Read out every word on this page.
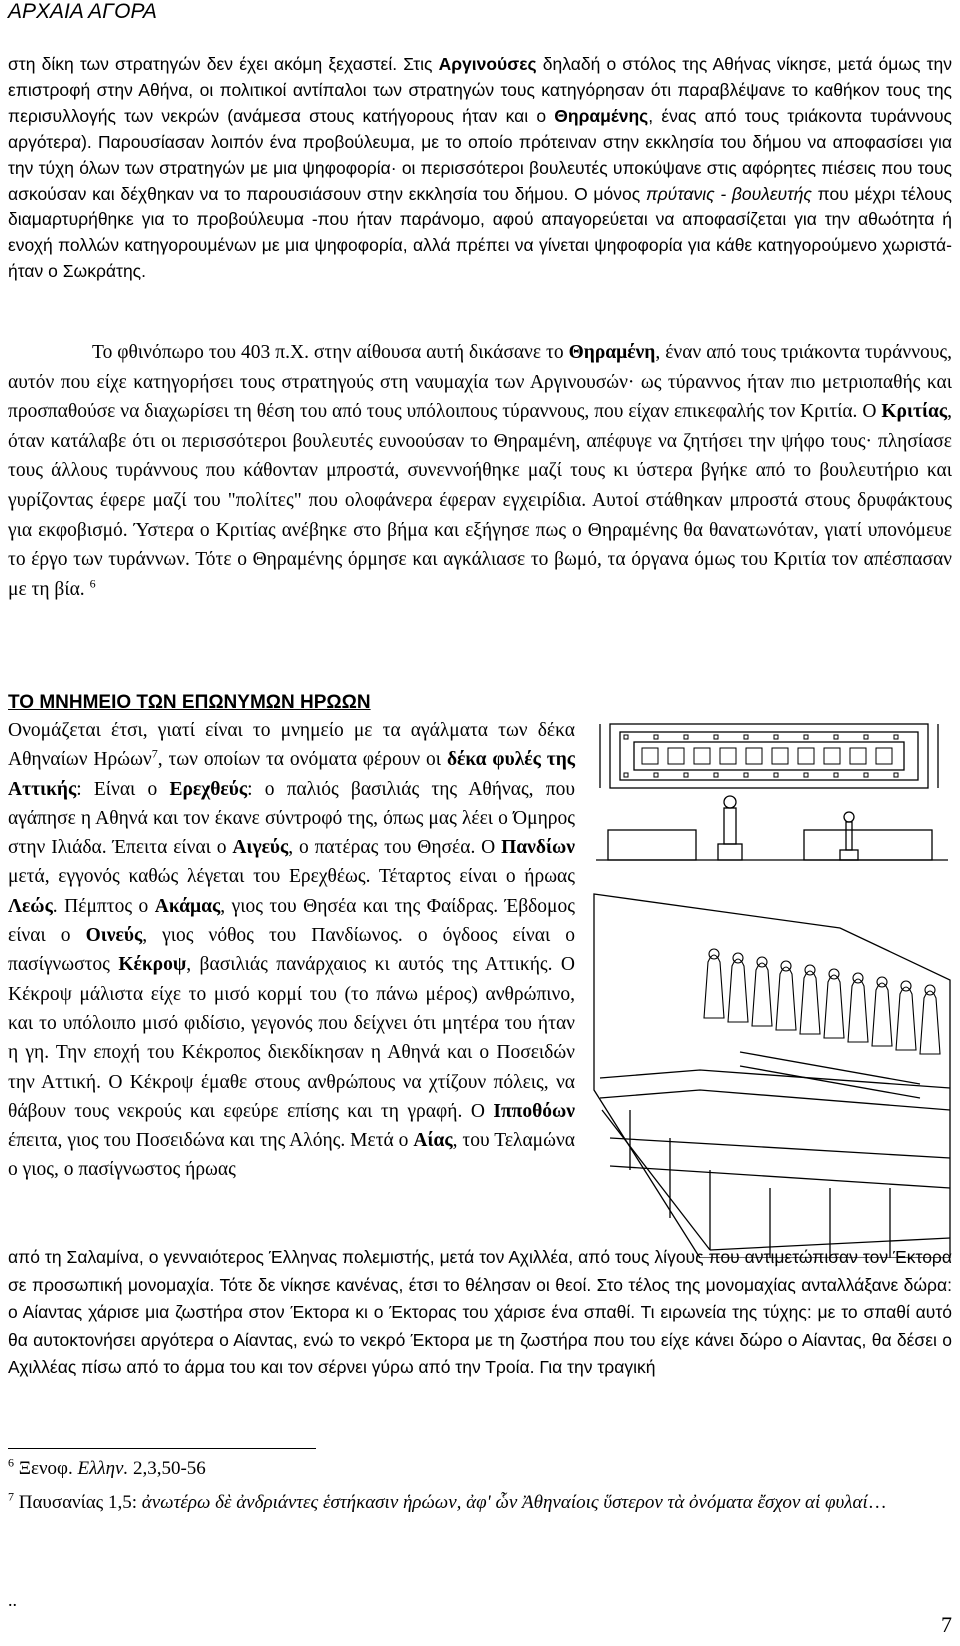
ΑΡΧΑΙΑ ΑΓΟΡΑ

στη δίκη των στρατηγών δεν έχει ακόμη ξεχαστεί. Στις Αργινούσες δηλαδή ο στόλος της Αθήνας νίκησε, μετά όμως την επιστροφή στην Αθήνα, οι πολιτικοί αντίπαλοι των στρατηγών τους κατηγόρησαν ότι παραβλέψανε το καθήκον τους της περισυλλογής των νεκρών (ανάμεσα στους κατήγορους ήταν και ο Θηραμένης, ένας από τους τριάκοντα τυράννους αργότερα). Παρουσίασαν λοιπόν ένα προβούλευμα, με το οποίο πρότειναν στην εκκλησία του δήμου να αποφασίσει για την τύχη όλων των στρατηγών με μια ψηφοφορία· οι περισσότεροι βουλευτές υποκύψανε στις αφόρητες πιέσεις που τους ασκούσαν και δέχθηκαν να το παρουσιάσουν στην εκκλησία του δήμου. Ο μόνος πρύτανις - βουλευτής που μέχρι τέλους διαμαρτυρήθηκε για το προβούλευμα -που ήταν παράνομο, αφού απαγορεύεται να αποφασίζεται για την αθωότητα ή ενοχή πολλών κατηγορουμένων με μια ψηφοφορία, αλλά πρέπει να γίνεται ψηφοφορία για κάθε κατηγορούμενο χωριστά- ήταν ο Σωκράτης.

Το φθινόπωρο του 403 π.Χ. στην αίθουσα αυτή δικάσανε το Θηραμένη, έναν από τους τριάκοντα τυράννους, αυτόν που είχε κατηγορήσει τους στρατηγούς στη ναυμαχία των Αργινουσών· ως τύραννος ήταν πιο μετριοπαθής και προσπαθούσε να διαχωρίσει τη θέση του από τους υπόλοιπους τύραννους, που είχαν επικεφαλής τον Κριτία. Ο Κριτίας, όταν κατάλαβε ότι οι περισσότεροι βουλευτές ευνοούσαν το Θηραμένη, απέφυγε να ζητήσει την ψήφο τους· πλησίασε τους άλλους τυράννους που κάθονταν μπροστά, συνεννοήθηκε μαζί τους κι ύστερα βγήκε από το βουλευτήριο και γυρίζοντας έφερε μαζί του "πολίτες" που ολοφάνερα έφεραν εγχειρίδια. Αυτοί στάθηκαν μπροστά στους δρυφάκτους για εκφοβισμό. Ύστερα ο Κριτίας ανέβηκε στο βήμα και εξήγησε πως ο Θηραμένης θα θανατωνόταν, γιατί υπονόμευε το έργο των τυράννων. Τότε ο Θηραμένης όρμησε και αγκάλιασε το βωμό, τα όργανα όμως του Κριτία τον απέσπασαν με τη βία. $^6$

ΤΟ ΜΝΗΜΕΙΟ ΤΩΝ ΕΠΩΝΥΜΩΝ ΗΡΩΩΝ

Ονομάζεται έτσι, γιατί είναι το μνημείο με τα αγάλματα των δέκα Αθηναίων Ηρώων$^7$, των οποίων τα ονόματα φέρουν οι δέκα φυλές της Αττικής: Είναι ο Ερεχθεύς: ο παλιός βασιλιάς της Αθήνας, που αγάπησε η Αθηνά και τον έκανε σύντροφό της, όπως μας λέει ο Όμηρος στην Ιλιάδα. Έπειτα είναι ο Αιγεύς, ο πατέρας του Θησέα. Ο Πανδίων μετά, εγγονός καθώς λέγεται του Ερεχθέως. Τέταρτος είναι ο ήρωας Λεώς. Πέμπτος ο Ακάμας, γιος του Θησέα και της Φαίδρας. Έβδομος είναι ο Οινεύς, γιος νόθος του Πανδίωνος. ο όγδοος είναι ο πασίγνωστος Κέκροψ, βασιλιάς πανάρχαιος κι αυτός της Αττικής. Ο Κέκροψ μάλιστα είχε το μισό κορμί του (το πάνω μέρος) ανθρώπινο, και το υπόλοιπο μισό φιδίσιο, γεγονός που δείχνει ότι μητέρα του ήταν η γη. Την εποχή του Κέκροπος διεκδίκησαν η Αθηνά και ο Ποσειδών την Αττική. Ο Κέκροψ έμαθε στους ανθρώπους να χτίζουν πόλεις, να θάβουν τους νεκρούς και εφεύρε επίσης και τη γραφή. Ο Ιπποθόων έπειτα, γιος του Ποσειδώνα και της Αλόης. Μετά ο Αίας, του Τελαμώνα ο γιος, ο πασίγνωστος ήρωας

από τη Σαλαμίνα, ο γενναιότερος Έλληνας πολεμιστής, μετά τον Αχιλλέα, από τους λίγους που αντιμετώπισαν τον Έκτορα σε προσωπική μονομαχία. Τότε δε νίκησε κανένας, έτσι το θέλησαν οι θεοί. Στο τέλος της μονομαχίας ανταλλάξανε δώρα: ο Αίαντας χάρισε μια ζωστήρα στον Έκτορα κι ο Έκτορας του χάρισε ένα σπαθί. Τι ειρωνεία της τύχης: με το σπαθί αυτό θα αυτοκτονήσει αργότερα ο Αίαντας, ενώ το νεκρό Έκτορα με τη ζωστήρα που του είχε κάνει δώρο ο Αίαντας, θα δέσει ο Αχιλλέας πίσω από το άρμα του και τον σέρνει γύρω από την Τροία. Για την τραγική
$^6$ Ξενοφ. Ελλην. 2,3,50-56
$^7$ Παυσανίας 1,5: ἀνωτέρω δὲ ἀνδριάντες ἑστήκασιν ἡρώων, ἀφ' ὧν Ἀθηναίοις ὕστερον τὰ ὀνόματα ἔσχον αἱ φυλαί…
..
7
